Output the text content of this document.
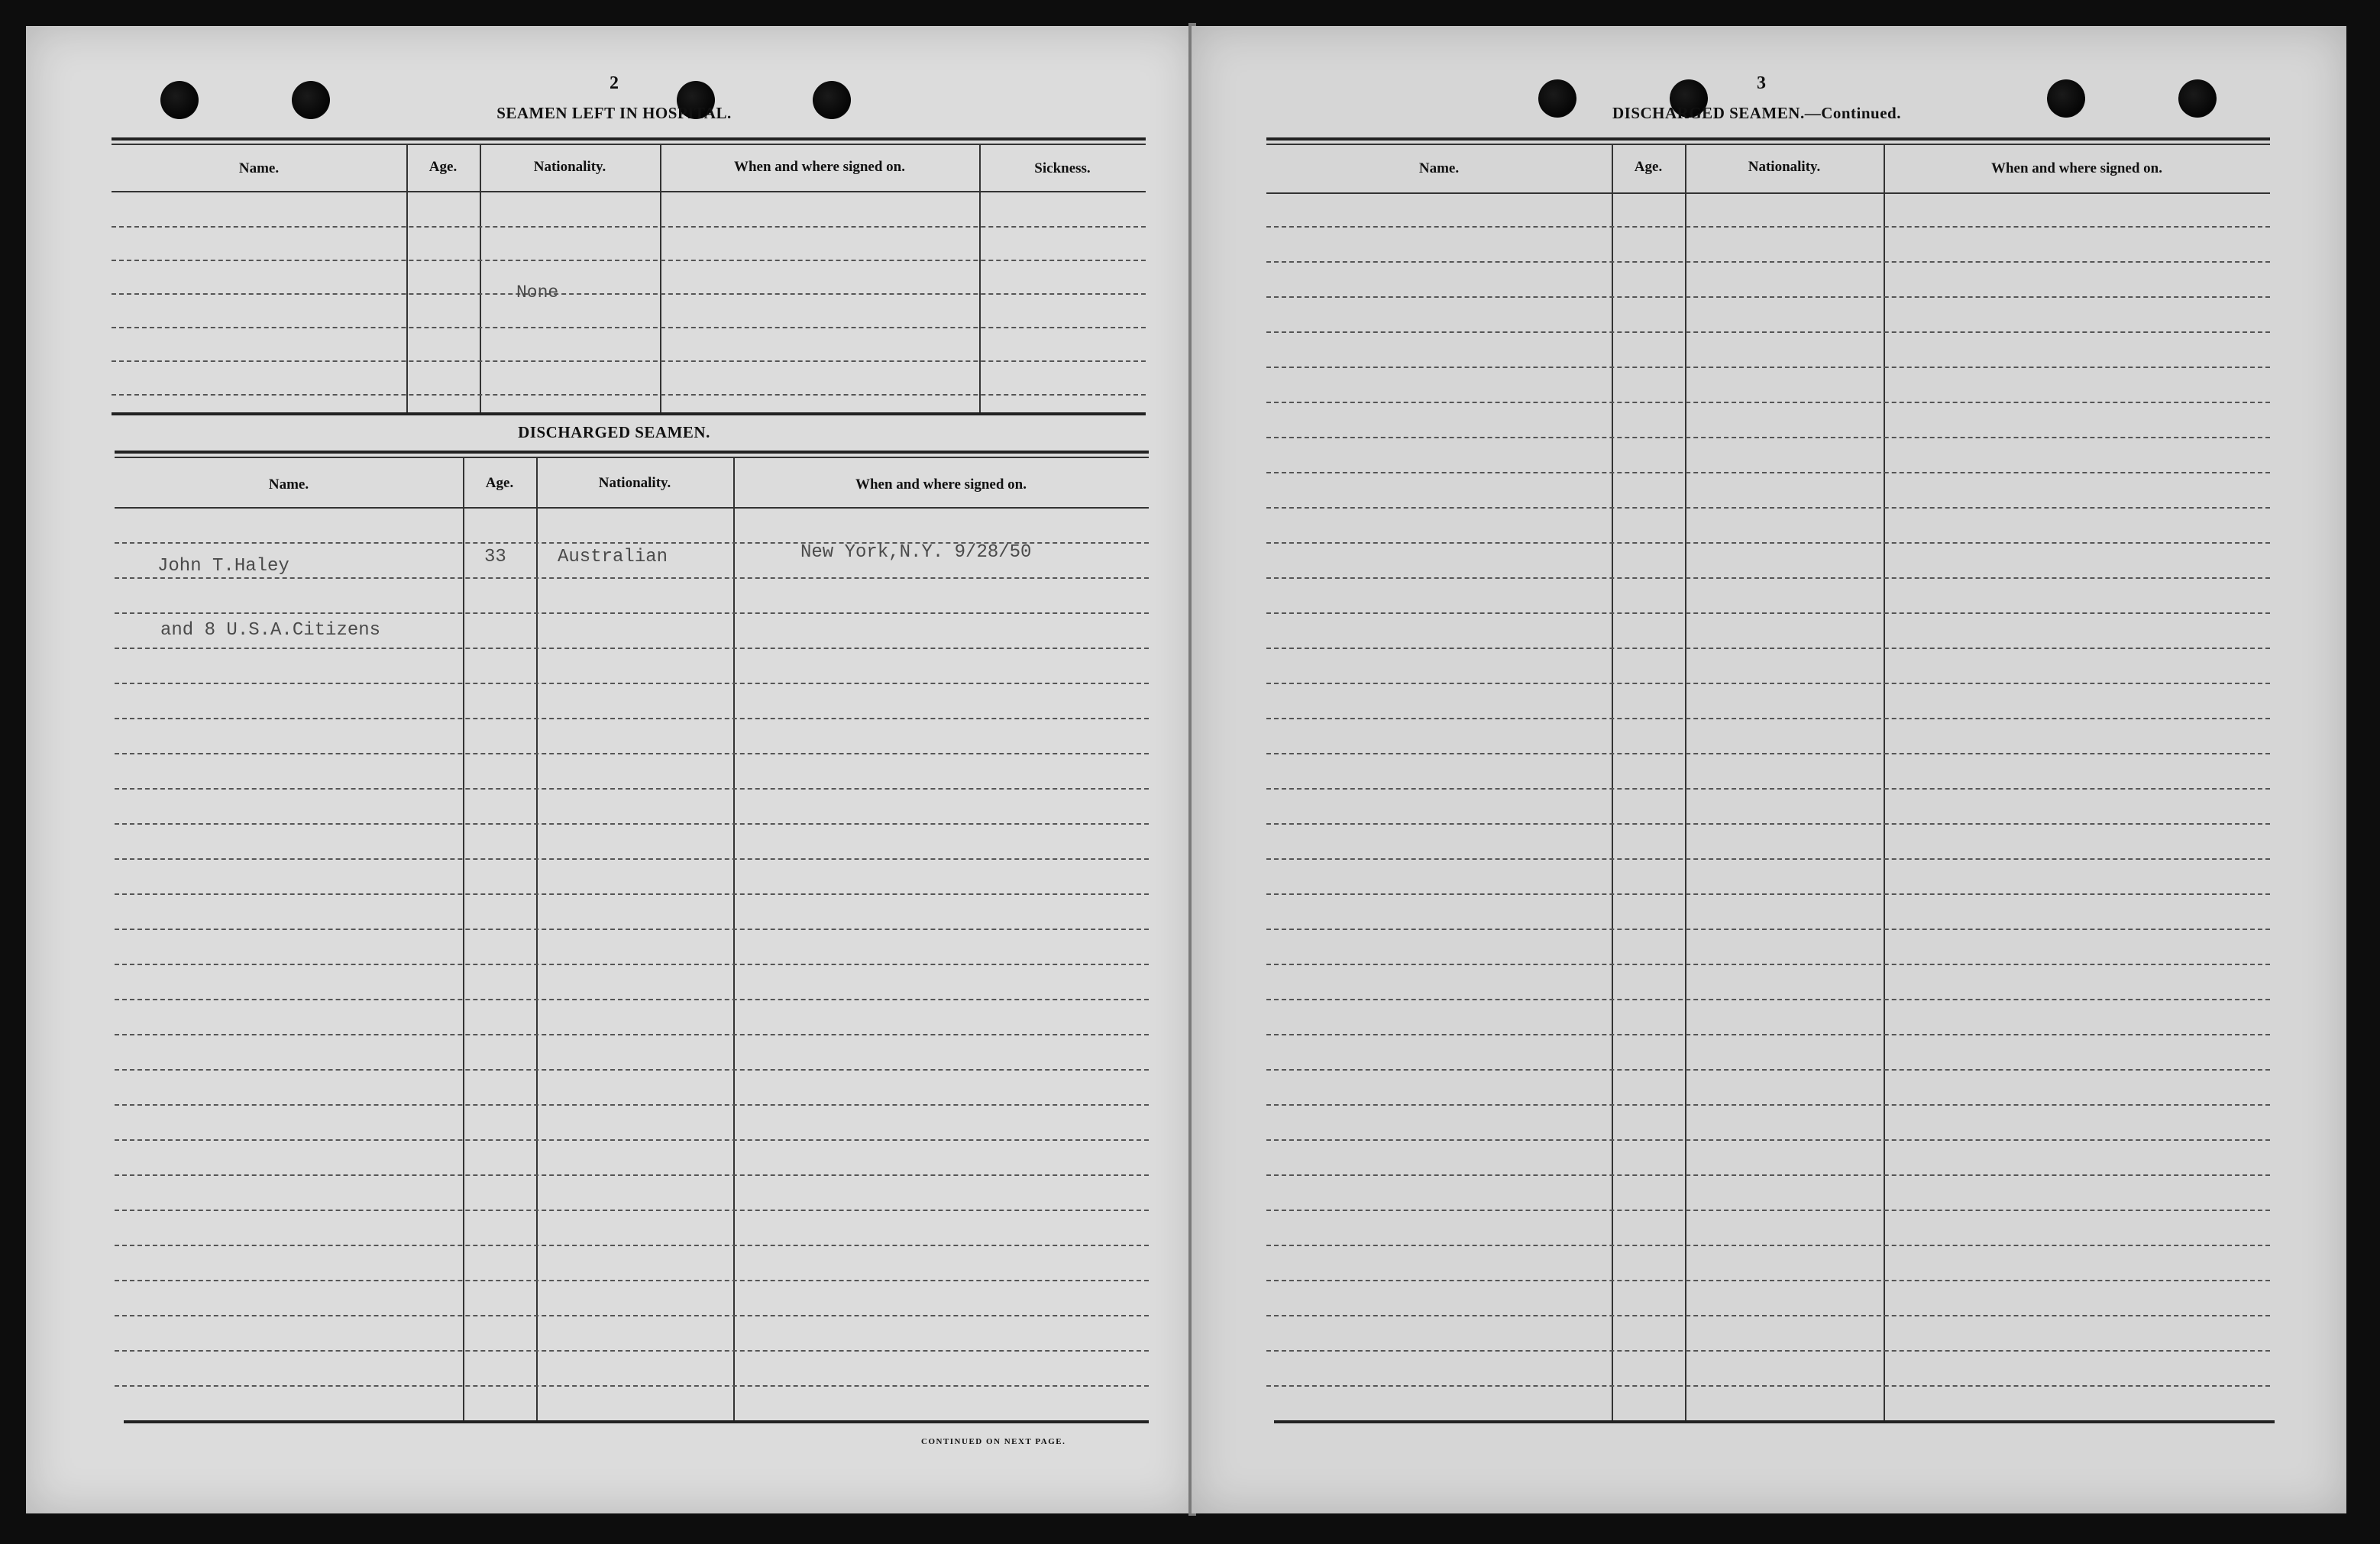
2
SEAMEN LEFT IN HOSPITAL.
Name.	Age.	Nationality.	When and where signed on.	Sickness.
None
DISCHARGED SEAMEN.
Name.	Age.	Nationality.	When and where signed on.
John T.Haley	33	Australian	New York,N.Y. 9/28/50
and 8 U.S.A.Citizens
CONTINUED ON NEXT PAGE.
3
DISCHARGED SEAMEN.—Continued.
Name.	Age.	Nationality.	When and where signed on.
